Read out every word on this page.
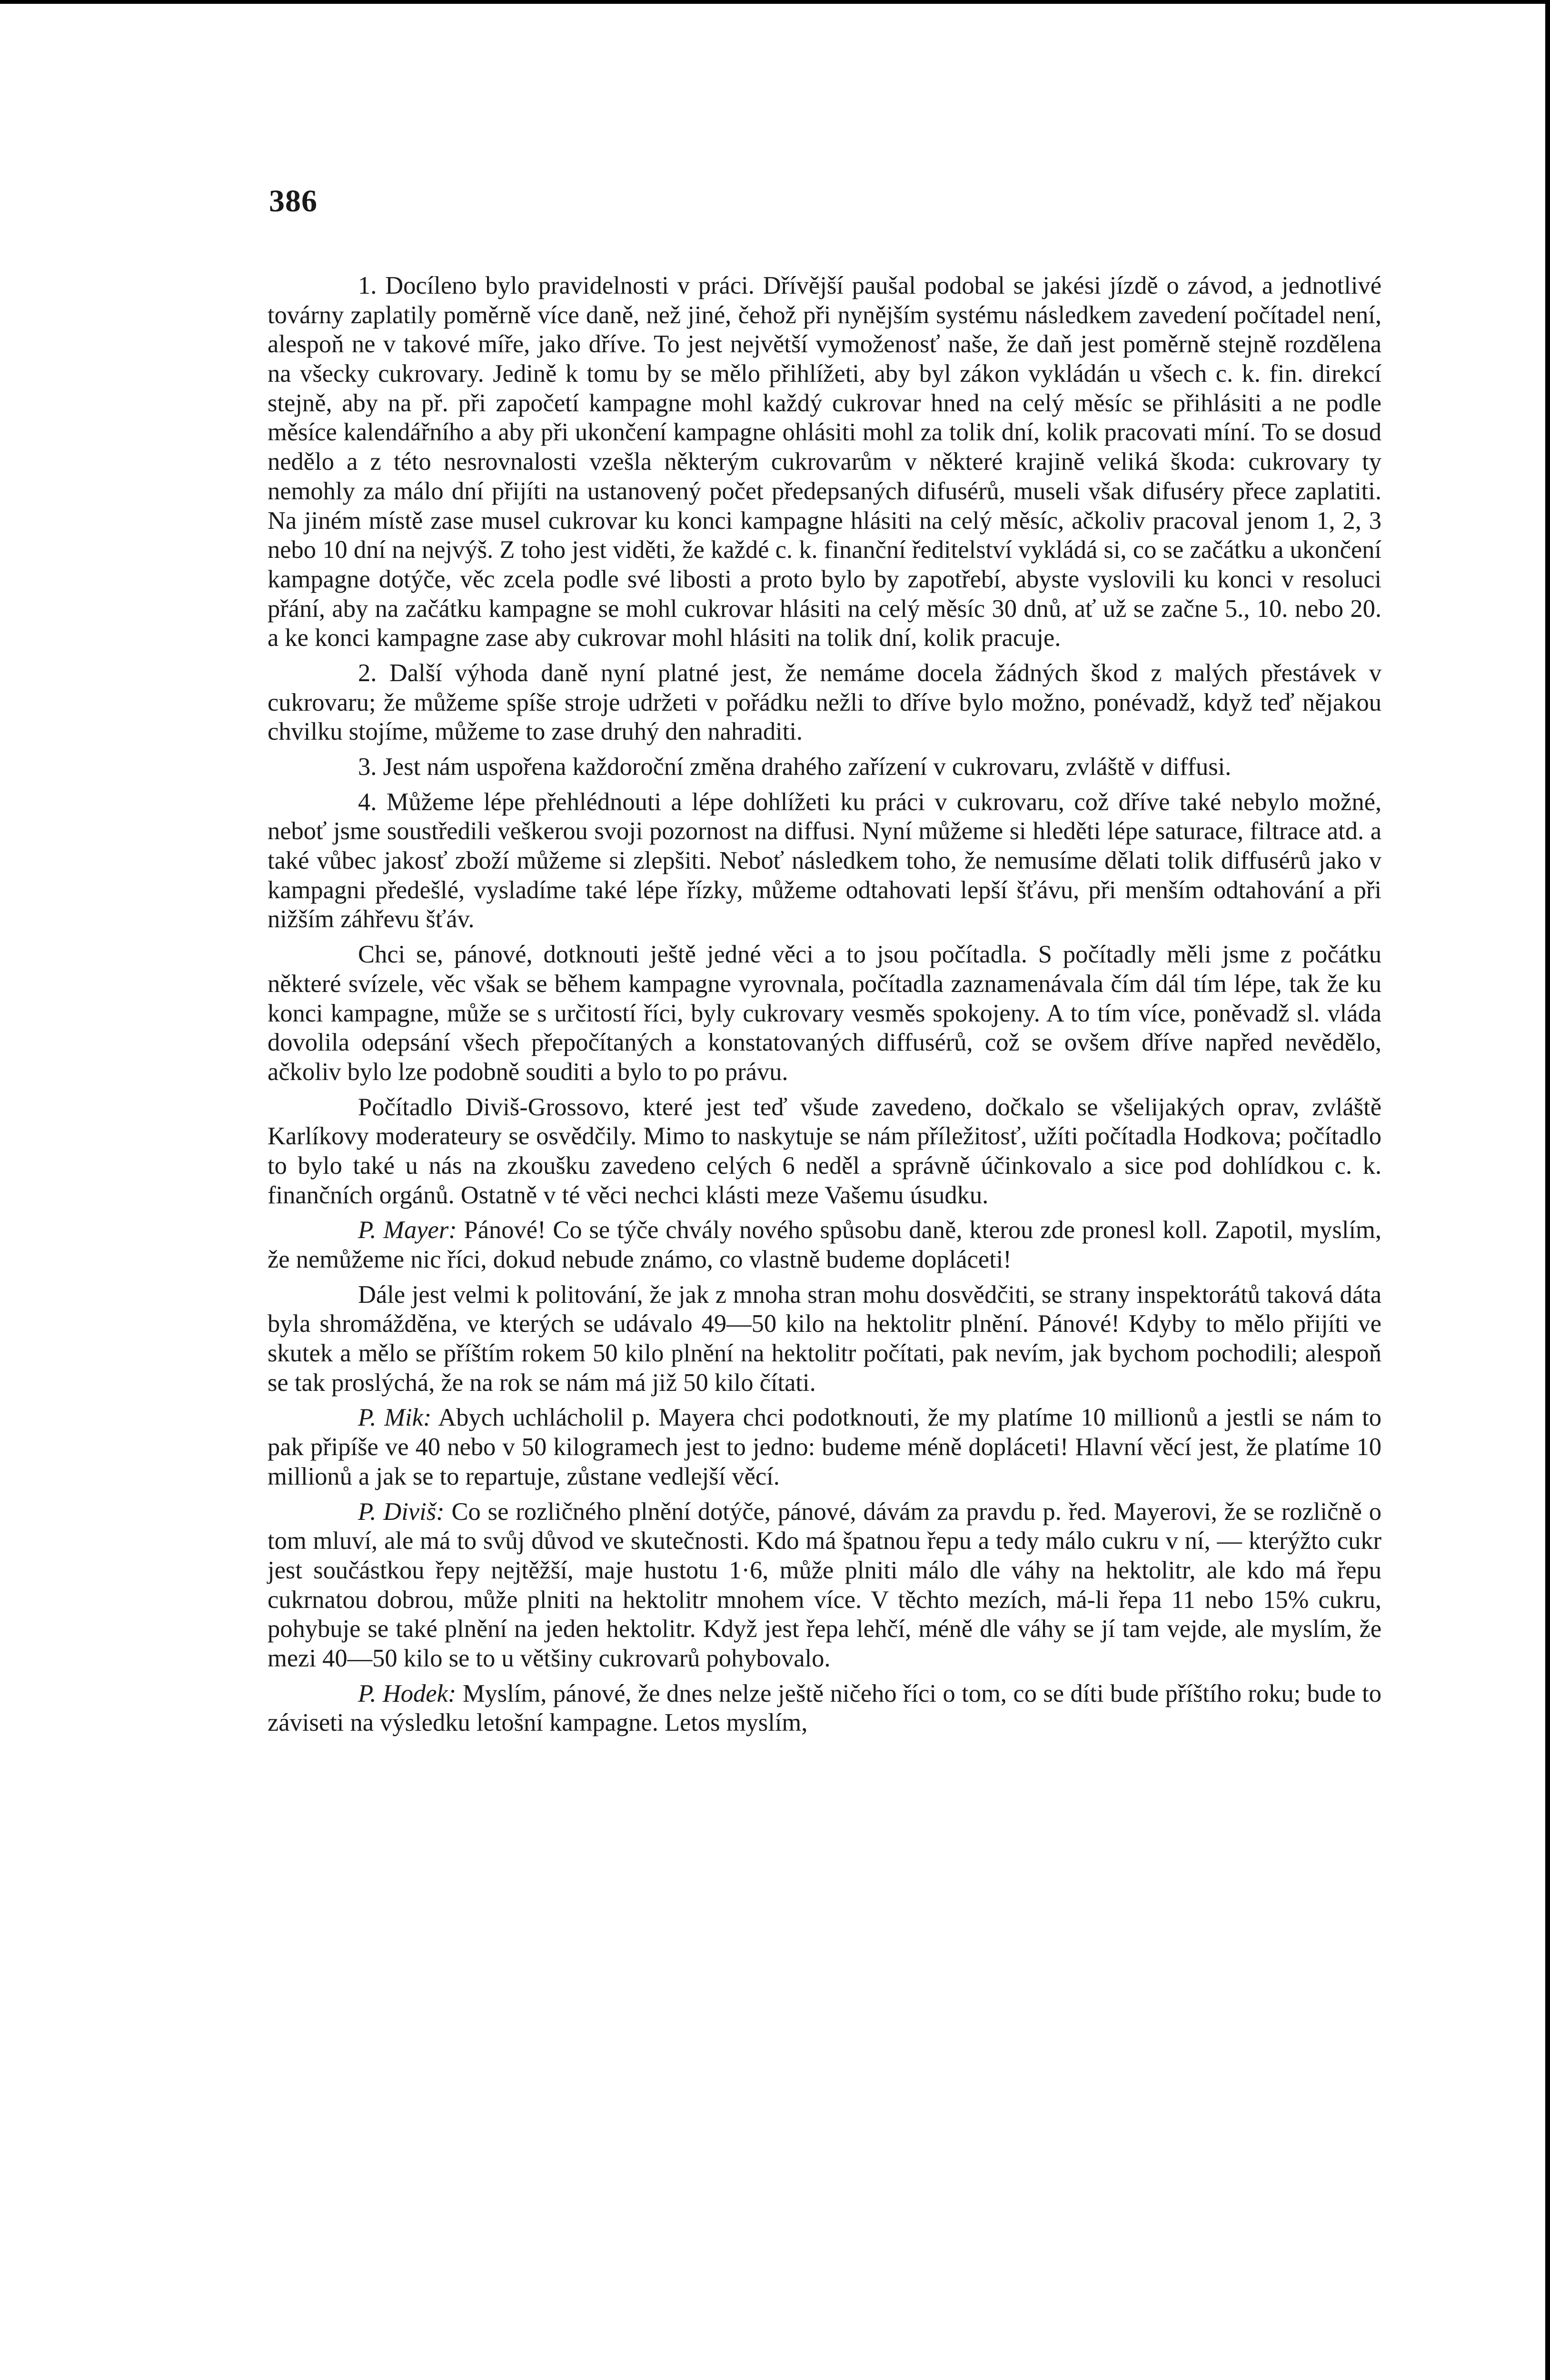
386

1. Docíleno bylo pravidelnosti v práci. Dřívější paušal podobal se jakési jízdě o závod, a jednotlivé továrny zaplatily poměrně více daně, než jiné, čehož při nynějším systému následkem zavedení počítadel není, alespoň ne v takové míře, jako dříve. To jest největší vymoženosť naše, že daň jest poměrně stejně rozdělena na všecky cukrovary. Jedině k tomu by se mělo přihlížeti, aby byl zákon vykládán u všech c. k. fin. direkcí stejně, aby na př. při započetí kampagne mohl každý cukrovar hned na celý měsíc se přihlásiti a ne podle měsíce kalendářního a aby při ukončení kampagne ohlásiti mohl za tolik dní, kolik pracovati míní. To se dosud nedělo a z této nesrovnalosti vzešla některým cukrovarům v některé krajině veliká škoda: cukrovary ty nemohly za málo dní přijíti na ustanovený počet předepsaných difusérů, museli však difuséry přece zaplatiti. Na jiném místě zase musel cukrovar ku konci kampagne hlásiti na celý měsíc, ačkoliv pracoval jenom 1, 2, 3 nebo 10 dní na nejvýš. Z toho jest viděti, že každé c. k. finanční ředitelství vykládá si, co se začátku a ukončení kampagne dotýče, věc zcela podle své libosti a proto bylo by zapotřebí, abyste vyslovili ku konci v resoluci přání, aby na začátku kampagne se mohl cukrovar hlásiti na celý měsíc 30 dnů, ať už se začne 5., 10. nebo 20. a ke konci kampagne zase aby cukrovar mohl hlásiti na tolik dní, kolik pracuje.

2. Další výhoda daně nyní platné jest, že nemáme docela žádných škod z malých přestávek v cukrovaru; že můžeme spíše stroje udržeti v pořádku nežli to dříve bylo možno, ponévadž, když teď nějakou chvilku stojíme, můžeme to zase druhý den nahraditi.

3. Jest nám uspořena každoroční změna drahého zařízení v cukrovaru, zvláště v diffusi.

4. Můžeme lépe přehlédnouti a lépe dohlížeti ku práci v cukrovaru, což dříve také nebylo možné, neboť jsme soustředili veškerou svoji pozornost na diffusi. Nyní můžeme si hleděti lépe saturace, filtrace atd. a také vůbec jakosť zboží můžeme si zlepšiti. Neboť následkem toho, že nemusíme dělati tolik diffusérů jako v kampagni předešlé, vysladíme také lépe řízky, můžeme odtahovati lepší šťávu, při menším odtahování a při nižším záhřevu šťáv.

Chci se, pánové, dotknouti ještě jedné věci a to jsou počítadla. S počítadly měli jsme z počátku některé svízele, věc však se během kampagne vyrovnala, počítadla zaznamenávala čím dál tím lépe, tak že ku konci kampagne, může se s určitostí říci, byly cukrovary vesměs spokojeny. A to tím více, poněvadž sl. vláda dovolila odepsání všech přepočítaných a konstatovaných diffusérů, což se ovšem dříve napřed nevědělo, ačkoliv bylo lze podobně souditi a bylo to po právu.

Počítadlo Diviš-Grossovo, které jest teď všude zavedeno, dočkalo se všelijakých oprav, zvláště Karlíkovy moderateury se osvědčily. Mimo to naskytuje se nám příležitosť, užíti počítadla Hodkova; počítadlo to bylo také u nás na zkoušku zavedeno celých 6 neděl a správně účinkovalo a sice pod dohlídkou c. k. finančních orgánů. Ostatně v té věci nechci klásti meze Vašemu úsudku.

P. Mayer: Pánové! Co se týče chvály nového spůsobu daně, kterou zde pronesl koll. Zapotil, myslím, že nemůžeme nic říci, dokud nebude známo, co vlastně budeme dopláceti!

Dále jest velmi k politování, že jak z mnoha stran mohu dosvědčiti, se strany inspektorátů taková dáta byla shromážděna, ve kterých se udávalo 49—50 kilo na hektolitr plnění. Pánové! Kdyby to mělo přijíti ve skutek a mělo se příštím rokem 50 kilo plnění na hektolitr počítati, pak nevím, jak bychom pochodili; alespoň se tak proslýchá, že na rok se nám má již 50 kilo čítati.

P. Mik: Abych uchlácholil p. Mayera chci podotknouti, že my platíme 10 millionů a jestli se nám to pak připíše ve 40 nebo v 50 kilogramech jest to jedno: budeme méně dopláceti! Hlavní věcí jest, že platíme 10 millionů a jak se to repartuje, zůstane vedlejší věcí.

P. Diviš: Co se rozličného plnění dotýče, pánové, dávám za pravdu p. řed. Mayerovi, že se rozličně o tom mluví, ale má to svůj důvod ve skutečnosti. Kdo má špatnou řepu a tedy málo cukru v ní, — kterýžto cukr jest součástkou řepy nejtěžší, maje hustotu 1·6, může plniti málo dle váhy na hektolitr, ale kdo má řepu cukrnatou dobrou, může plniti na hektolitr mnohem více. V těchto mezích, má-li řepa 11 nebo 15% cukru, pohybuje se také plnění na jeden hektolitr. Když jest řepa lehčí, méně dle váhy se jí tam vejde, ale myslím, že mezi 40—50 kilo se to u většiny cukrovarů pohybovalo.

P. Hodek: Myslím, pánové, že dnes nelze ještě ničeho říci o tom, co se díti bude příštího roku; bude to záviseti na výsledku letošní kampagne. Letos myslím,
